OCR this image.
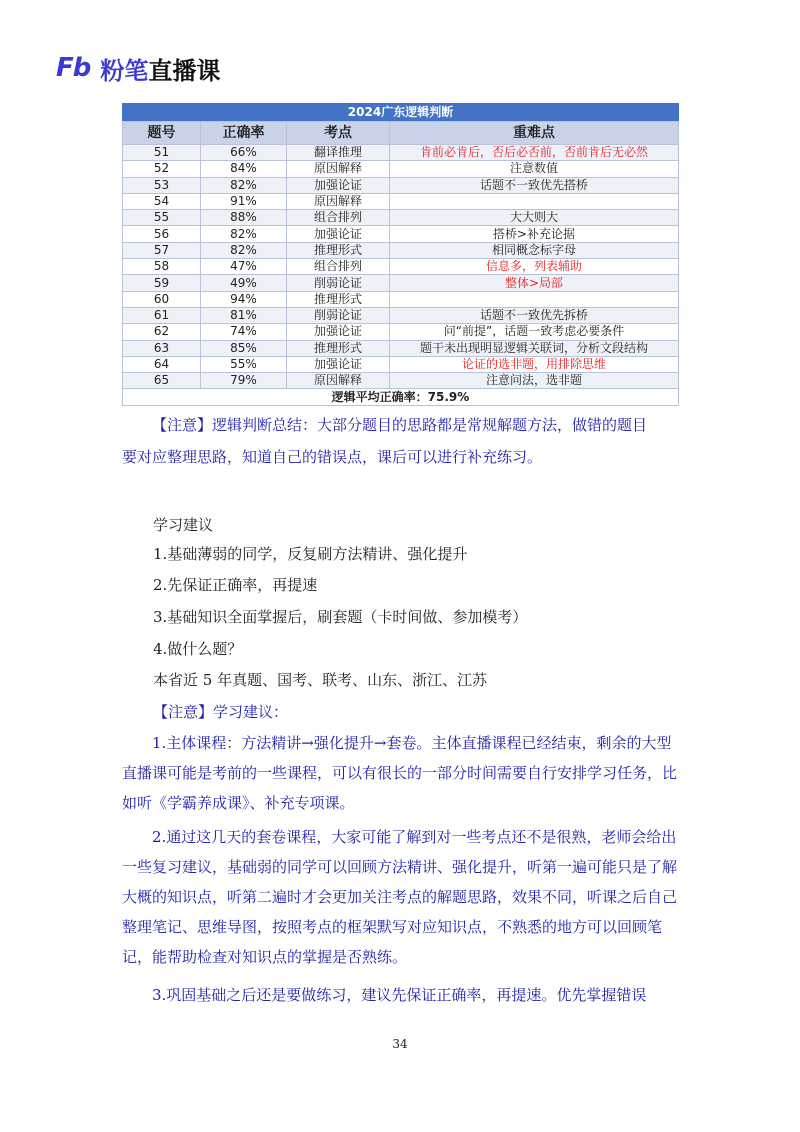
Fb 粉笔直播课
2024广东逻辑判断
题号	正确率	考点	重难点
51	66%	翻译推理	肯前必肯后，否后必否前，否前肯后无必然
52	84%	原因解释	注意数值
53	82%	加强论证	话题不一致优先搭桥
54	91%	原因解释	
55	88%	组合排列	大大则大
56	82%	加强论证	搭桥>补充论据
57	82%	推理形式	相同概念标字母
58	47%	组合排列	信息多，列表辅助
59	49%	削弱论证	整体>局部
60	94%	推理形式	
61	81%	削弱论证	话题不一致优先拆桥
62	74%	加强论证	问“前提”，话题一致考虑必要条件
63	85%	推理形式	题干未出现明显逻辑关联词，分析文段结构
64	55%	加强论证	论证的选非题，用排除思维
65	79%	原因解释	注意问法，选非题
逻辑平均正确率：75.9%			
【注意】逻辑判断总结：大部分题目的思路都是常规解题方法，做错的题目

要对应整理思路，知道自己的错误点，课后可以进行补充练习。
学习建议
1.基础薄弱的同学，反复刷方法精讲、强化提升
2.先保证正确率，再提速
3.基础知识全面掌握后，刷套题（卡时间做、参加模考）
4.做什么题？
本省近 5 年真题、国考、联考、山东、浙江、江苏
【注意】学习建议：
1.主体课程：方法精讲→强化提升→套卷。主体直播课程已经结束，剩余的大型直播课可能是考前的一些课程，可以有很长的一部分时间需要自行安排学习任务，比如听《学霸养成课》、补充专项课。
2.通过这几天的套卷课程，大家可能了解到对一些考点还不是很熟，老师会给出一些复习建议，基础弱的同学可以回顾方法精讲、强化提升，听第一遍可能只是了解大概的知识点，听第二遍时才会更加关注考点的解题思路，效果不同，听课之后自己整理笔记、思维导图，按照考点的框架默写对应知识点，不熟悉的地方可以回顾笔记，能帮助检查对知识点的掌握是否熟练。
3.巩固基础之后还是要做练习，建议先保证正确率，再提速。优先掌握错误
34
